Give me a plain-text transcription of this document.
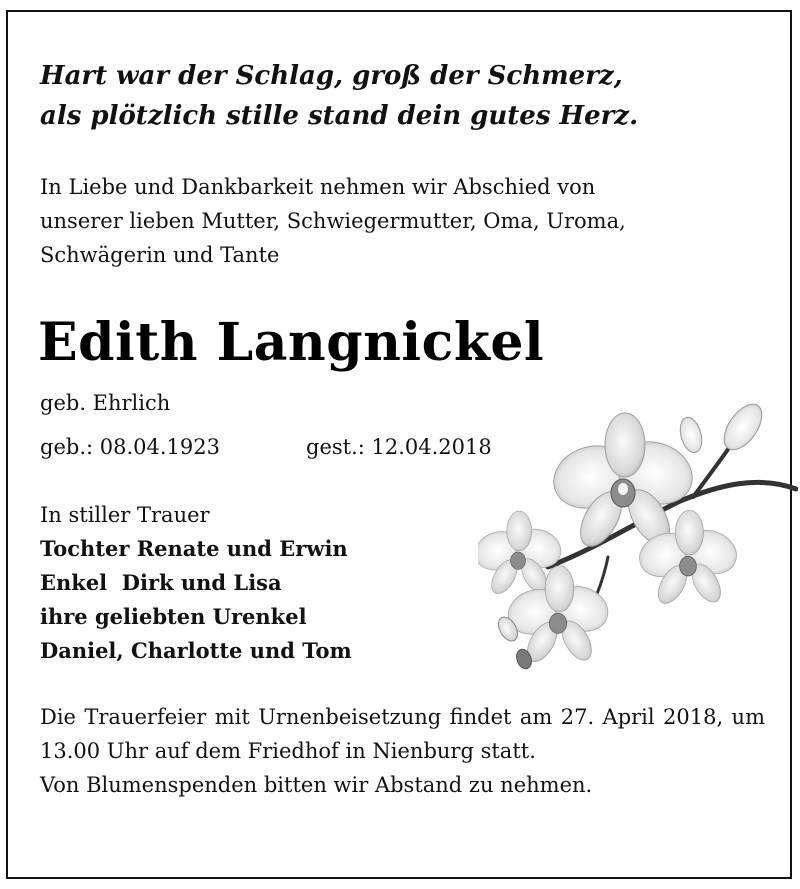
Hart war der Schlag, groß der Schmerz,
als plötzlich stille stand dein gutes Herz.

In Liebe und Dankbarkeit nehmen wir Abschied von
unserer lieben Mutter, Schwiegermutter, Oma, Uroma,
Schwägerin und Tante

Edith Langnickel
geb. Ehrlich
geb.: 08.04.1923	gest.: 12.04.2018
In stiller Trauer
Tochter Renate und Erwin
Enkel  Dirk und Lisa
ihre geliebten Urenkel
Daniel, Charlotte und Tom

Die Trauerfeier mit Urnenbeisetzung findet am 27. April 2018, um 13.00 Uhr auf dem Friedhof in Nienburg statt.
Von Blumenspenden bitten wir Abstand zu nehmen.
